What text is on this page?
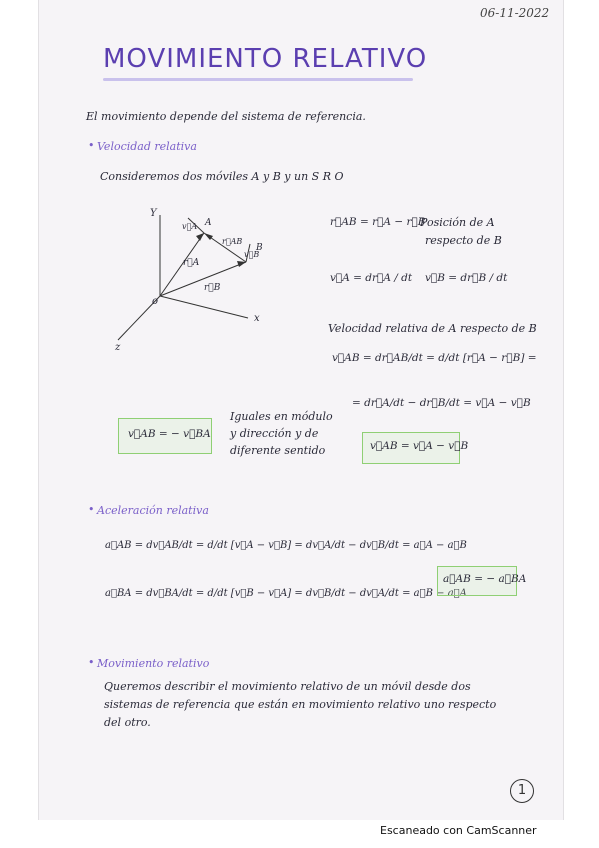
06-11-2022
MOVIMIENTO RELATIVO
El movimiento depende del sistema de referencia.
• Velocidad relativa
Consideremos dos móviles A y B y un S R O
Y
x
z
o
A
B
r⃗A
r⃗B
r⃗AB
v⃗A
v⃗B
r⃗AB = r⃗A − r⃗B
Posición de A
respecto de B
v⃗A = dr⃗A / dt v⃗B = dr⃗B / dt
Velocidad relativa de A respecto de B
v⃗AB = dr⃗AB/dt = d/dt [r⃗A − r⃗B] =
= dr⃗A/dt − dr⃗B/dt = v⃗A − v⃗B
v⃗AB = − v⃗BA
Iguales en módulo
y dirección y de
diferente sentido	v⃗AB = v⃗A − v⃗B
• Aceleración relativa
a⃗AB = dv⃗AB/dt = d/dt [v⃗A − v⃗B] = dv⃗A/dt − dv⃗B/dt = a⃗A − a⃗B
a⃗BA = dv⃗BA/dt = d/dt [v⃗B − v⃗A] = dv⃗B/dt − dv⃗A/dt = a⃗B − a⃗A
a⃗AB = − a⃗BA
• Movimiento relativo
Queremos describir el movimiento relativo de un móvil desde dos
sistemas de referencia que están en movimiento relativo uno respecto
del otro.
1
Escaneado con CamScanner
